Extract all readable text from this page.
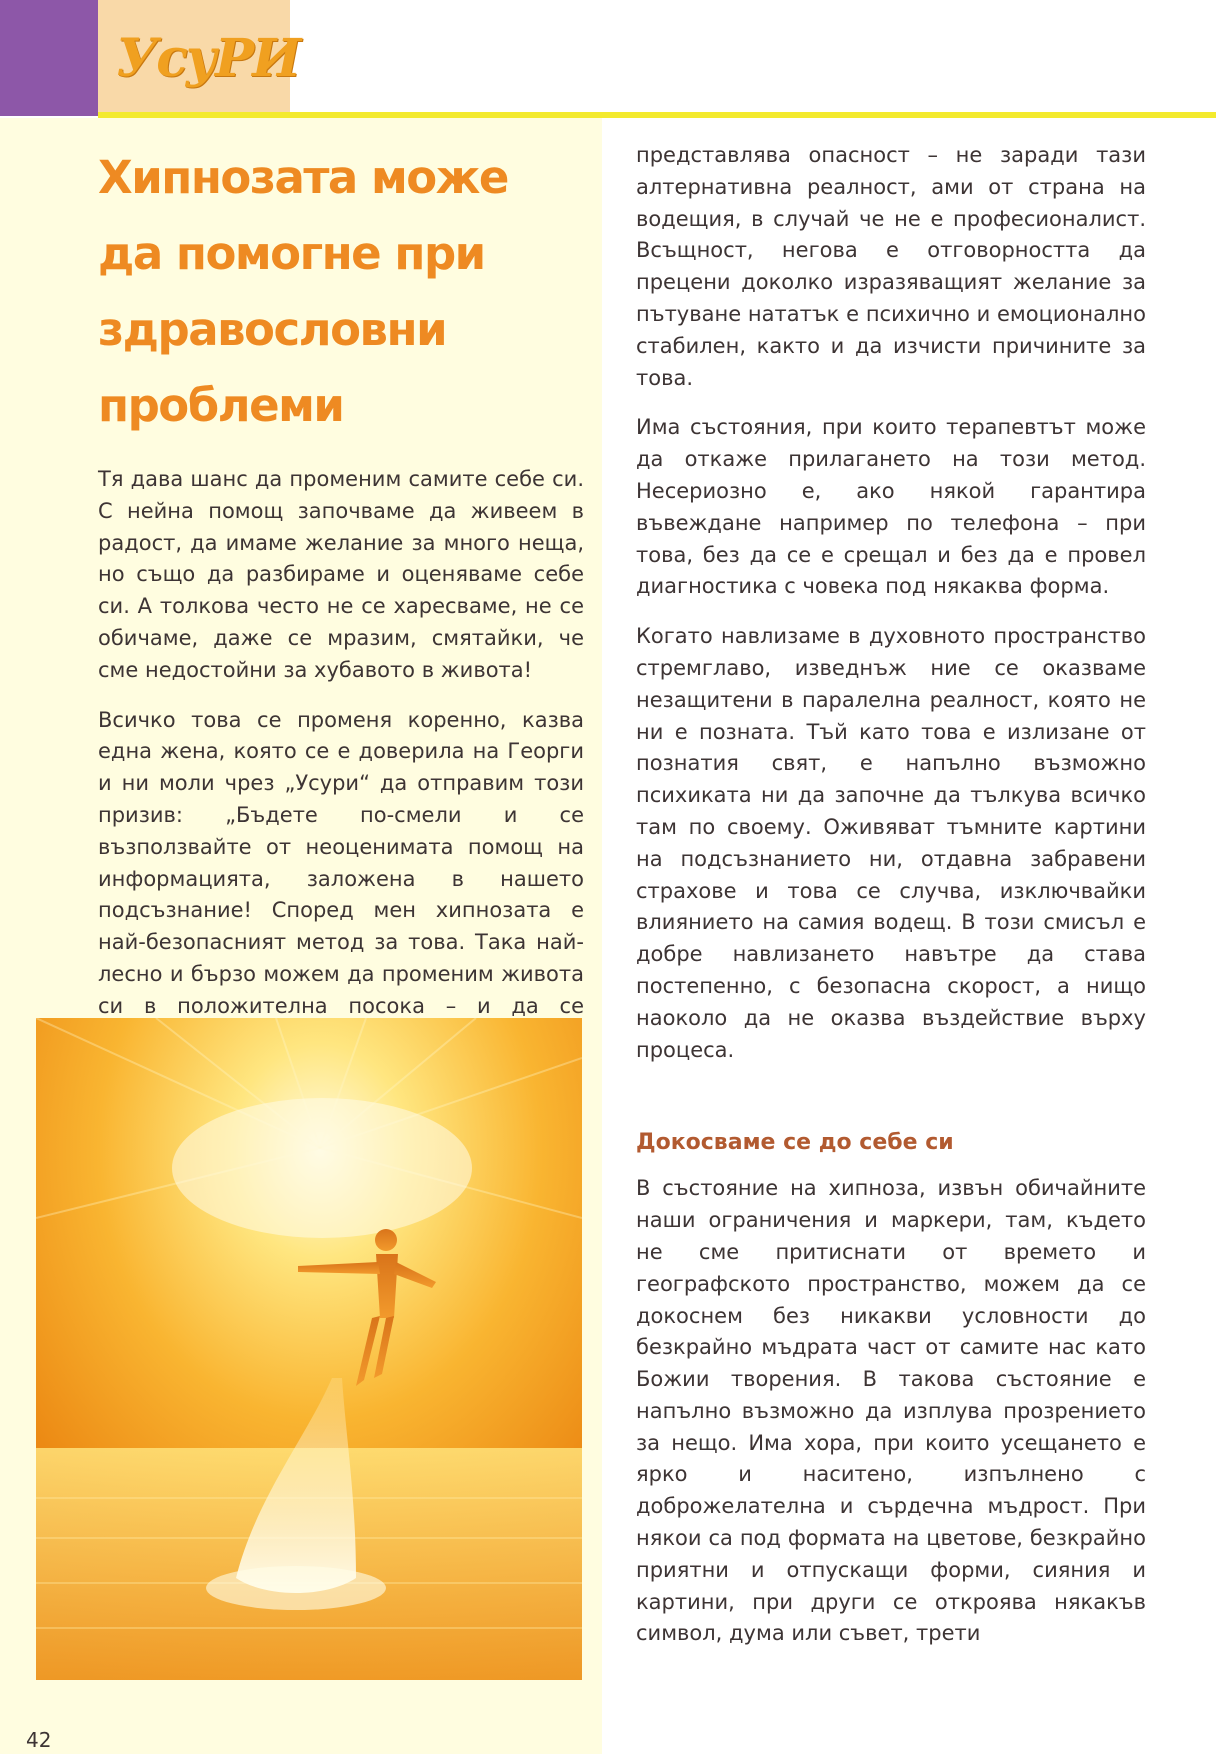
УсуРИ
Хипнозата може да помогне при здравословни проблеми

Тя дава шанс да променим самите себе си. С нейна помощ започваме да живеем в радост, да имаме желание за много неща, но също да разбираме и оценяваме себе си. А толкова често не се харесваме, не се обичаме, даже се мразим, смятайки, че сме недостойни за хубавото в живота!

Всичко това се променя коренно, казва една жена, която се е доверила на Георги и ни моли чрез „Усури“ да отправим този призив: „Бъдете по-смели и се възползвайте от неоценимата помощ на информацията, заложена в нашето подсъзнание! Според мен хипнозата е най-безопасният метод за това. Така най-лесно и бързо можем да променим живота си в положителна посока – и да се

представлява опасност – не заради тази алтернативна реалност, ами от страна на водещия, в случай че не е професионалист. Всъщност, негова е отговорността да прецени доколко изразяващият желание за пътуване нататък е психично и емоционално стабилен, както и да изчисти причините за това.

Има състояния, при които терапевтът може да откаже прилагането на този метод. Несериозно е, ако някой гарантира въвеждане например по телефона – при това, без да се е срещал и без да е провел диагностика с човека под някаква форма.

Когато навлизаме в духовното пространство стремглаво, изведнъж ние се оказваме незащитени в паралелна реалност, която не ни е позната. Тъй като това е излизане от познатия свят, е напълно възможно психиката ни да започне да тълкува всичко там по своему. Оживяват тъмните картини на подсъзнанието ни, отдавна забравени страхове и това се случва, изключвайки влиянието на самия водещ. В този смисъл е добре навлизането навътре да става постепенно, с безопасна скорост, а нищо наоколо да не оказва въздействие върху процеса.

Докосваме се до себе си

В състояние на хипноза, извън обичайните наши ограничения и маркери, там, където не сме притиснати от времето и географското пространство, можем да се докоснем без никакви условности до безкрайно мъдрата част от самите нас като Божии творения. В такова състояние е напълно възможно да изплува прозрението за нещо. Има хора, при които усещането е ярко и наситено, изпълнено с доброжелателна и сърдечна мъдрост. При някои са под формата на цветове, безкрайно приятни и отпускащи форми, сияния и картини, при други се откроява някакъв символ, дума или съвет, трети

42
